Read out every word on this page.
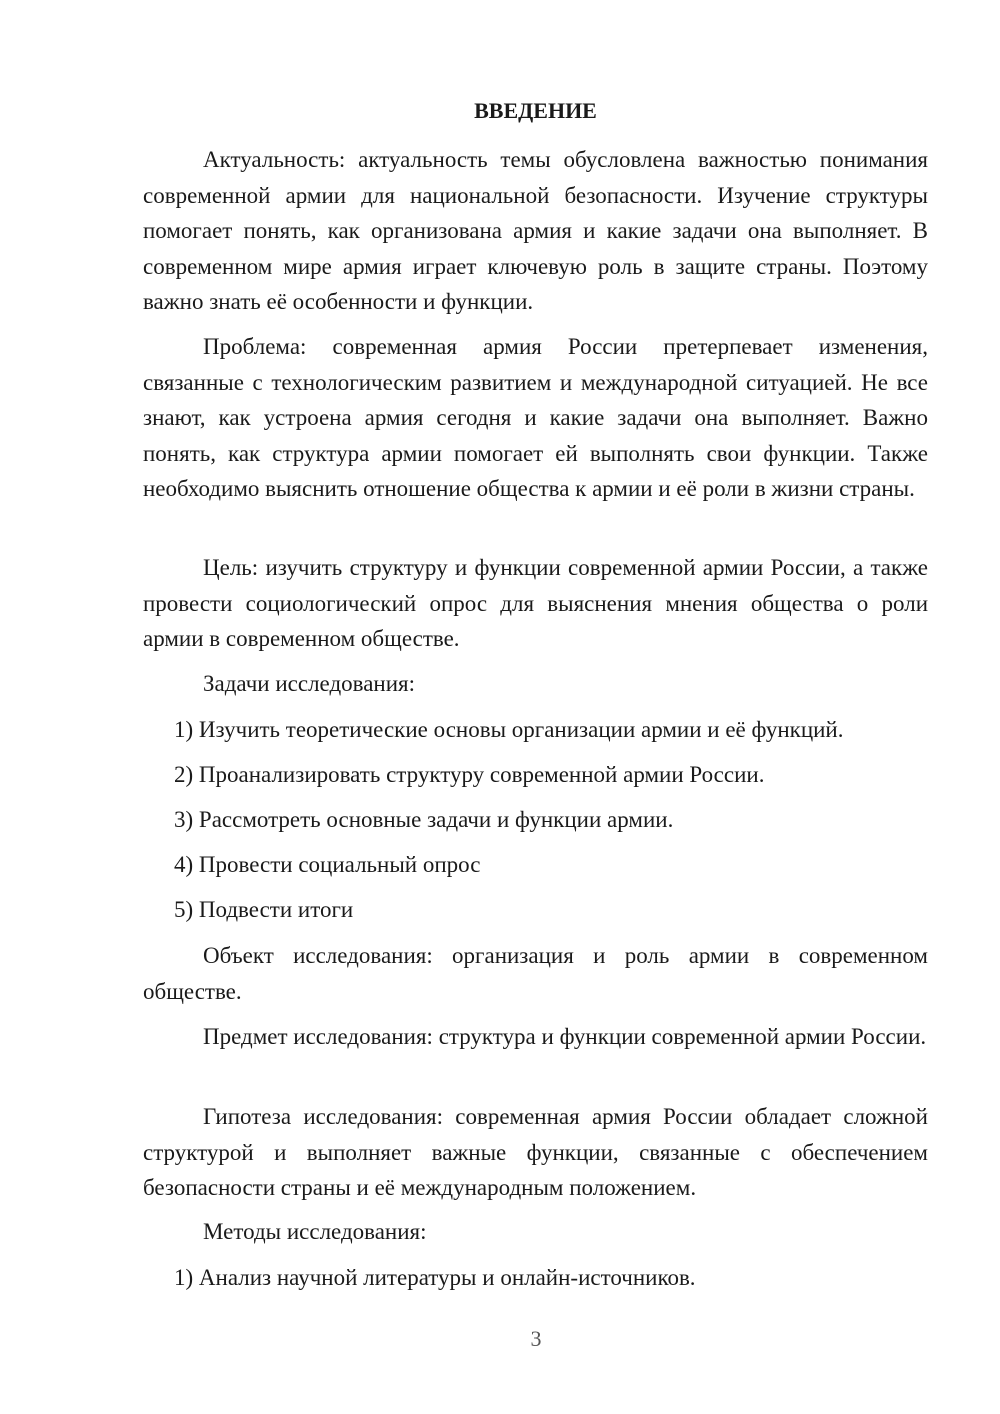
ВВЕДЕНИЕ

Актуальность: актуальность темы обусловлена важностью понимания современной армии для национальной безопасности. Изучение структуры помогает понять, как организована армия и какие задачи она выполняет. В современном мире армия играет ключевую роль в защите страны. Поэтому важно знать её особенности и функции.

Проблема: современная армия России претерпевает изменения, связанные с технологическим развитием и международной ситуацией. Не все знают, как устроена армия сегодня и какие задачи она выполняет. Важно понять, как структура армии помогает ей выполнять свои функции. Также необходимо выяснить отношение общества к армии и её роли в жизни страны.

Цель: изучить структуру и функции современной армии России, а также провести социологический опрос для выяснения мнения общества о роли армии в современном обществе.

Задачи исследования:
1) Изучить теоретические основы организации армии и её функций.
2) Проанализировать структуру современной армии России.
3) Рассмотреть основные задачи и функции армии.
4) Провести социальный опрос
5) Подвести итоги

Объект исследования: организация и роль армии в современном обществе.

Предмет исследования: структура и функции современной армии России.

Гипотеза исследования: современная армия России обладает сложной структурой и выполняет важные функции, связанные с обеспечением безопасности страны и её международным положением.

Методы исследования:
1) Анализ научной литературы и онлайн-источников.
3
